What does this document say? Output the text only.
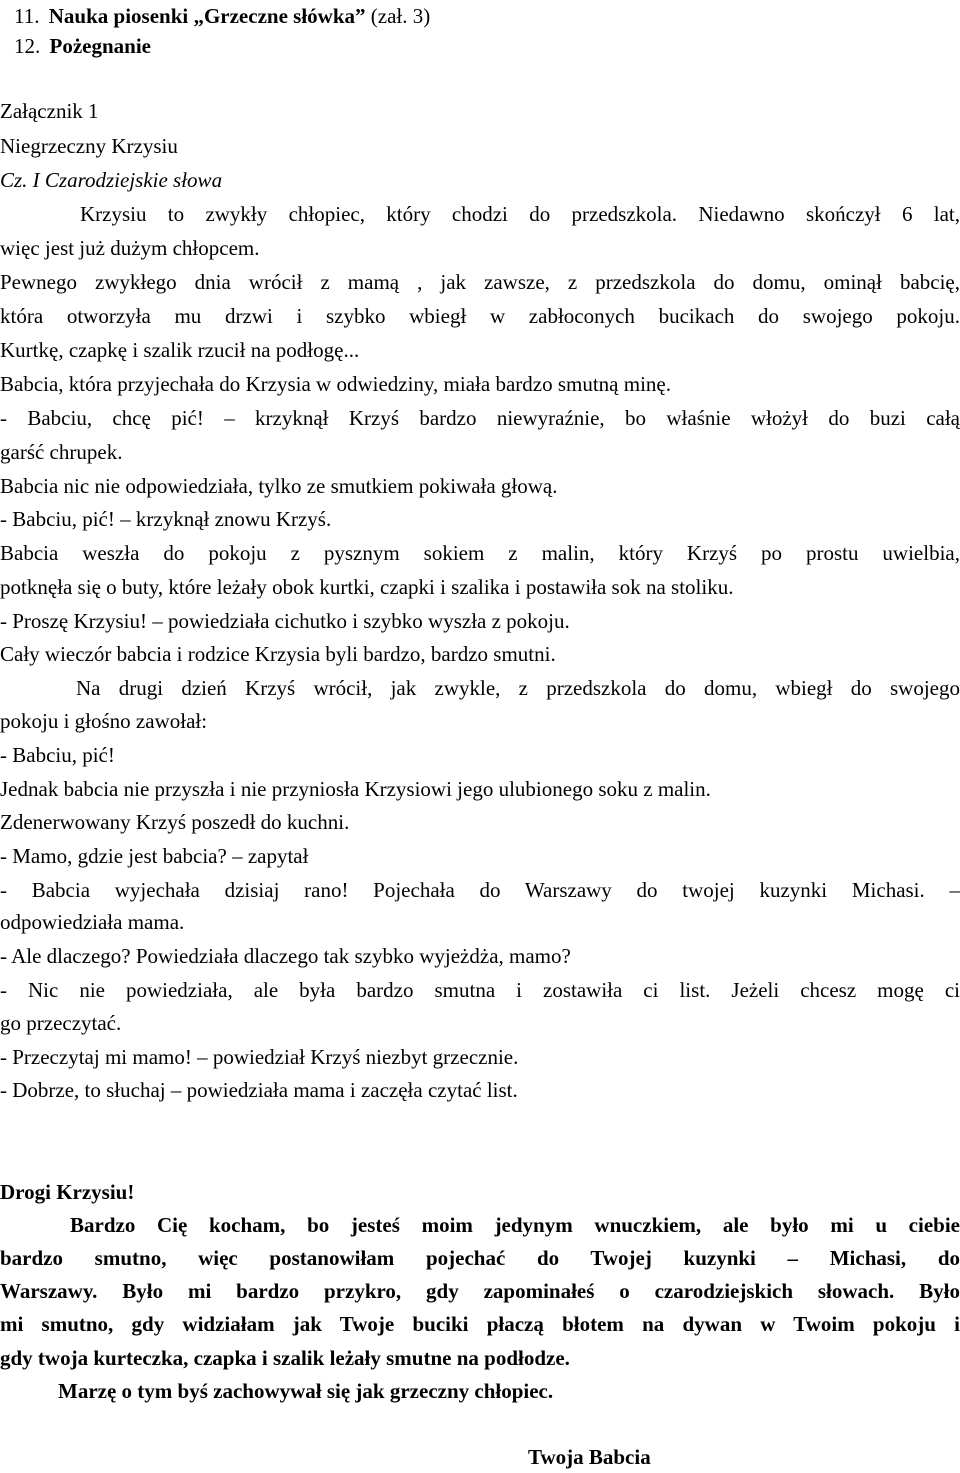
11. Nauka piosenki „Grzeczne słówka” (zał. 3)
12. Pożegnanie
Załącznik 1
Niegrzeczny Krzysiu
Cz. I Czarodziejskie słowa
Krzysiu to zwykły chłopiec, który chodzi do przedszkola. Niedawno skończył 6 lat,
więc jest już dużym chłopcem.
Pewnego zwykłego dnia wrócił z mamą , jak zawsze, z przedszkola do domu, ominął babcię,
która otworzyła mu drzwi i szybko wbiegł w zabłoconych bucikach do swojego pokoju.
Kurtkę, czapkę i szalik rzucił na podłogę...
Babcia, która przyjechała do Krzysia w odwiedziny, miała bardzo smutną minę.
- Babciu, chcę pić! – krzyknął Krzyś bardzo niewyraźnie, bo właśnie włożył do buzi całą
garść chrupek.
Babcia nic nie odpowiedziała, tylko ze smutkiem pokiwała głową.
- Babciu, pić! – krzyknął znowu Krzyś.
Babcia weszła do pokoju z pysznym sokiem z malin, który Krzyś po prostu uwielbia,
potknęła się o buty, które leżały obok kurtki, czapki i szalika i postawiła sok na stoliku.
- Proszę Krzysiu! – powiedziała cichutko i szybko wyszła z pokoju.
Cały wieczór babcia i rodzice Krzysia byli bardzo, bardzo smutni.
Na drugi dzień Krzyś wrócił, jak zwykle, z przedszkola do domu, wbiegł do swojego
pokoju i głośno zawołał:
- Babciu, pić!
Jednak babcia nie przyszła i nie przyniosła Krzysiowi jego ulubionego soku z malin.
Zdenerwowany Krzyś poszedł do kuchni.
- Mamo, gdzie jest babcia? – zapytał
- Babcia wyjechała dzisiaj rano! Pojechała do Warszawy do twojej kuzynki Michasi. –
odpowiedziała mama.
- Ale dlaczego? Powiedziała dlaczego tak szybko wyjeżdża, mamo?
- Nic nie powiedziała, ale była bardzo smutna i zostawiła ci list. Jeżeli chcesz mogę ci
go przeczytać.
- Przeczytaj mi mamo! – powiedział Krzyś niezbyt grzecznie.
- Dobrze, to słuchaj – powiedziała mama i zaczęła czytać list.
Drogi Krzysiu!
Bardzo Cię kocham, bo jesteś moim jedynym wnuczkiem, ale było mi u ciebie
bardzo smutno, więc postanowiłam pojechać do Twojej kuzynki – Michasi, do
Warszawy. Było mi bardzo przykro, gdy zapominałeś o czarodziejskich słowach. Było
mi smutno, gdy widziałam jak Twoje buciki płaczą błotem na dywan w Twoim pokoju i
gdy twoja kurteczka, czapka i szalik leżały smutne na podłodze.
Marzę o tym byś zachowywał się jak grzeczny chłopiec.
Twoja Babcia
